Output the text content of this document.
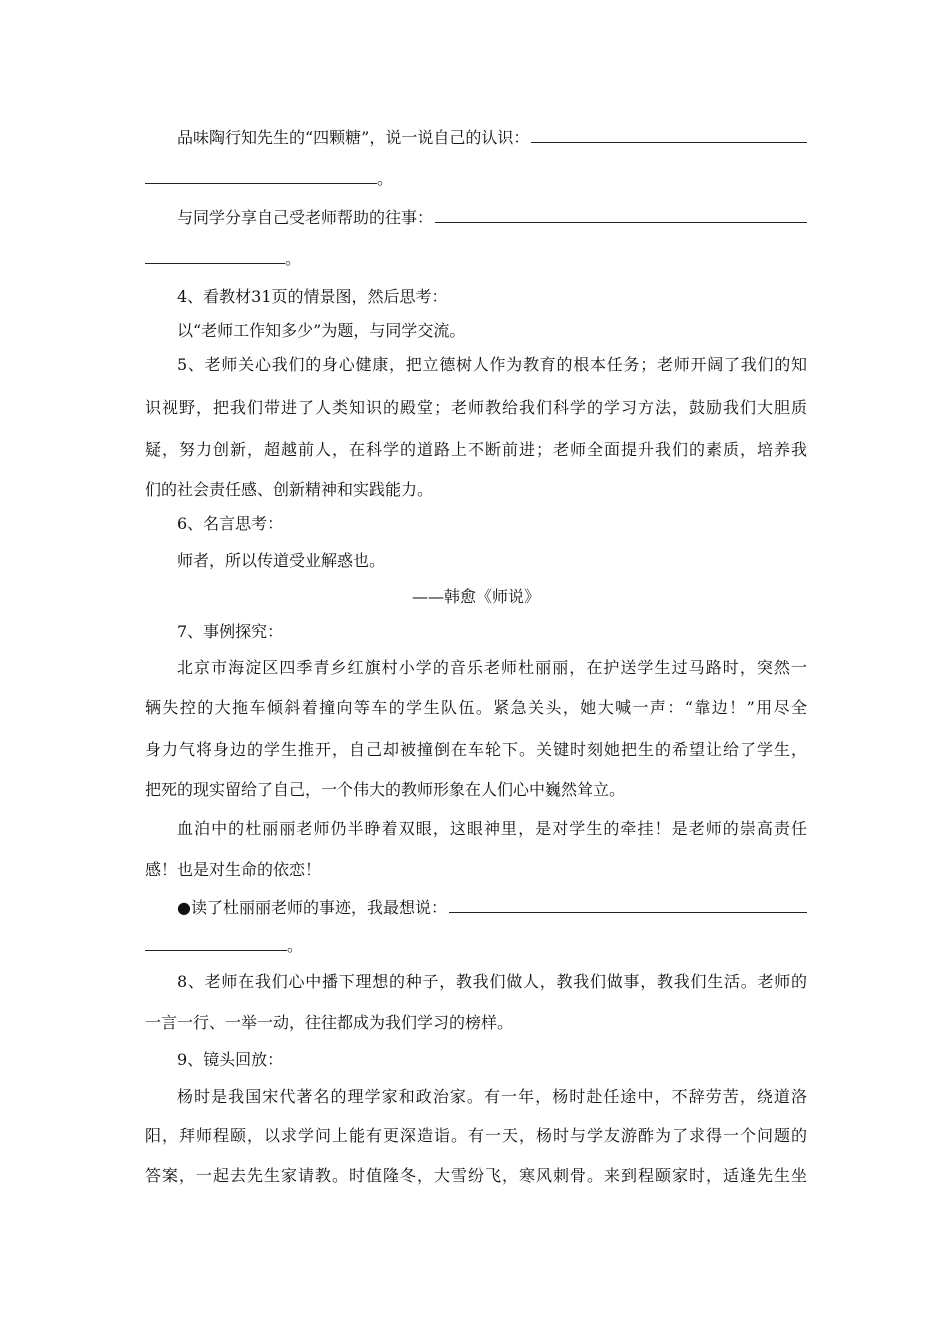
品味陶行知先生的“四颗糖”，说一说自己的认识：
。
与同学分享自己受老师帮助的往事：
。
4、看教材31页的情景图，然后思考：
以“老师工作知多少”为题，与同学交流。
5、老师关心我们的身心健康，把立德树人作为教育的根本任务；老师开阔了我们的知
识视野，把我们带进了人类知识的殿堂；老师教给我们科学的学习方法，鼓励我们大胆质
疑，努力创新，超越前人，在科学的道路上不断前进；老师全面提升我们的素质，培养我
们的社会责任感、创新精神和实践能力。
6、名言思考：
师者，所以传道受业解惑也。
——韩愈《师说》
7、事例探究：
北京市海淀区四季青乡红旗村小学的音乐老师杜丽丽，在护送学生过马路时，突然一
辆失控的大拖车倾斜着撞向等车的学生队伍。紧急关头，她大喊一声：“靠边！”用尽全
身力气将身边的学生推开，自己却被撞倒在车轮下。关键时刻她把生的希望让给了学生，
把死的现实留给了自己，一个伟大的教师形象在人们心中巍然耸立。
血泊中的杜丽丽老师仍半睁着双眼，这眼神里，是对学生的牵挂！是老师的崇高责任
感！也是对生命的依恋！
●读了杜丽丽老师的事迹，我最想说：
。
8、老师在我们心中播下理想的种子，教我们做人，教我们做事，教我们生活。老师的
一言一行、一举一动，往往都成为我们学习的榜样。
9、镜头回放：
杨时是我国宋代著名的理学家和政治家。有一年，杨时赴任途中，不辞劳苦，绕道洛
阳，拜师程颐，以求学问上能有更深造诣。有一天，杨时与学友游酢为了求得一个问题的
答案，一起去先生家请教。时值隆冬，大雪纷飞，寒风刺骨。来到程颐家时，适逢先生坐
